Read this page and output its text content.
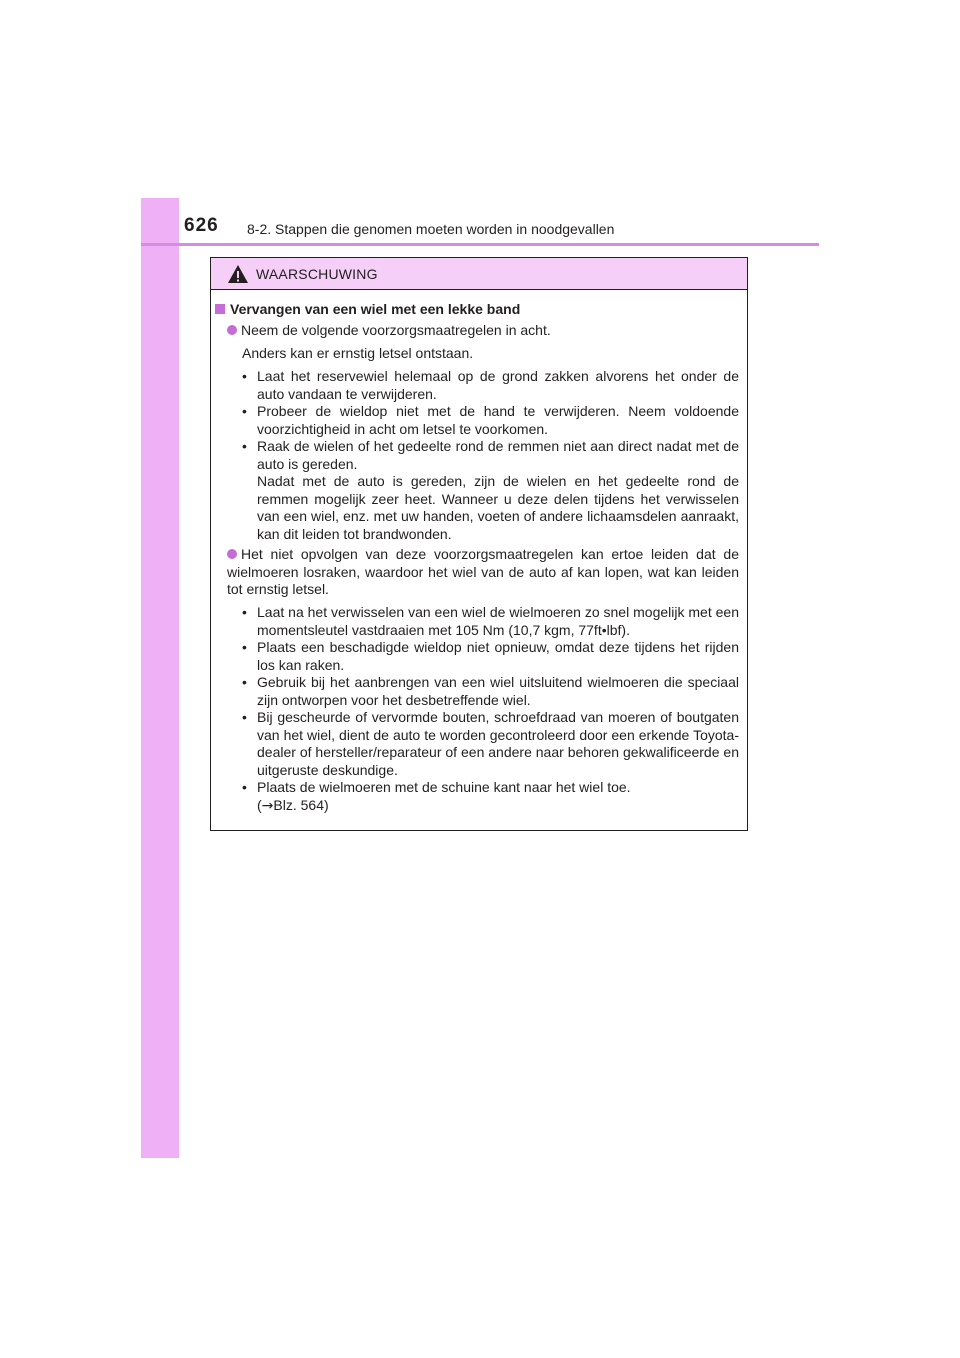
626 8-2. Stappen die genomen moeten worden in noodgevallen
WAARSCHUWING
Vervangen van een wiel met een lekke band
Neem de volgende voorzorgsmaatregelen in acht.
Anders kan er ernstig letsel ontstaan.
• Laat het reservewiel helemaal op de grond zakken alvorens het onder de auto vandaan te verwijderen.
• Probeer de wieldop niet met de hand te verwijderen. Neem voldoende voorzichtigheid in acht om letsel te voorkomen.
• Raak de wielen of het gedeelte rond de remmen niet aan direct nadat met de auto is gereden.
Nadat met de auto is gereden, zijn de wielen en het gedeelte rond de remmen mogelijk zeer heet. Wanneer u deze delen tijdens het verwisselen van een wiel, enz. met uw handen, voeten of andere lichaamsdelen aanraakt, kan dit leiden tot brandwonden.
Het niet opvolgen van deze voorzorgsmaatregelen kan ertoe leiden dat de wielmoeren losraken, waardoor het wiel van de auto af kan lopen, wat kan leiden tot ernstig letsel.
• Laat na het verwisselen van een wiel de wielmoeren zo snel mogelijk met een momentsleutel vastdraaien met 105 Nm (10,7 kgm, 77ft•lbf).
• Plaats een beschadigde wieldop niet opnieuw, omdat deze tijdens het rijden los kan raken.
• Gebruik bij het aanbrengen van een wiel uitsluitend wielmoeren die speciaal zijn ontworpen voor het desbetreffende wiel.
• Bij gescheurde of vervormde bouten, schroefdraad van moeren of boutgaten van het wiel, dient de auto te worden gecontroleerd door een erkende Toyota-dealer of hersteller/reparateur of een andere naar behoren gekwalificeerde en uitgeruste deskundige.
• Plaats de wielmoeren met de schuine kant naar het wiel toe.
(→Blz. 564)
